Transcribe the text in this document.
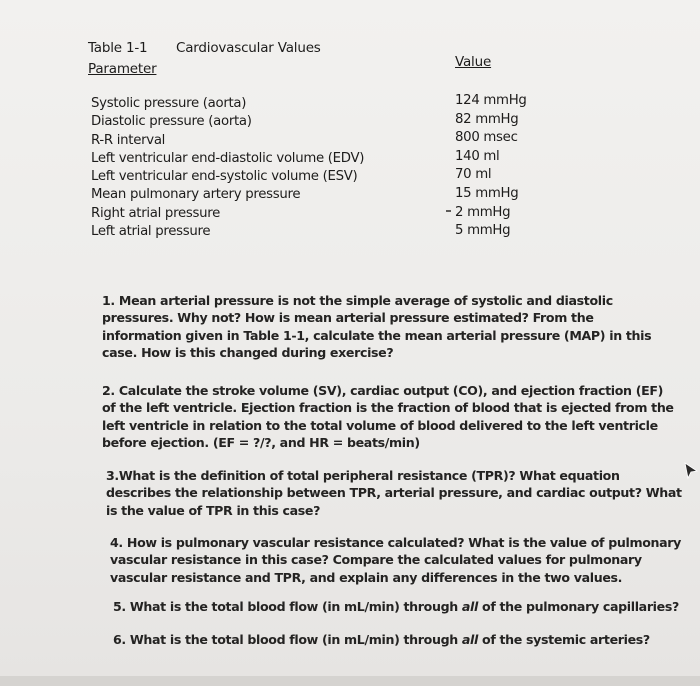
Table 1-1 Cardiovascular Values
Parameter	Value
Systolic pressure (aorta)
Diastolic pressure (aorta)
R-R interval
Left ventricular end-diastolic volume (EDV)
Left ventricular end-systolic volume (ESV)
Mean pulmonary artery pressure
Right atrial pressure
Left atrial pressure
124 mmHg
82 mmHg
800 msec
140 ml
70 ml
15 mmHg
2 mmHg
5 mmHg
1. Mean arterial pressure is not the simple average of systolic and diastolic
pressures. Why not? How is mean arterial pressure estimated? From the
information given in Table 1-1, calculate the mean arterial pressure (MAP) in this
case. How is this changed during exercise?
2. Calculate the stroke volume (SV), cardiac output (CO), and ejection fraction (EF)
of the left ventricle. Ejection fraction is the fraction of blood that is ejected from the
left ventricle in relation to the total volume of blood delivered to the left ventricle
before ejection. (EF = ?/?, and HR = beats/min)
3.What is the definition of total peripheral resistance (TPR)? What equation
describes the relationship between TPR, arterial pressure, and cardiac output? What
is the value of TPR in this case?
4. How is pulmonary vascular resistance calculated? What is the value of pulmonary
vascular resistance in this case? Compare the calculated values for pulmonary
vascular resistance and TPR, and explain any differences in the two values.
5. What is the total blood flow (in mL/min) through all of the pulmonary capillaries?
6. What is the total blood flow (in mL/min) through all of the systemic arteries?
